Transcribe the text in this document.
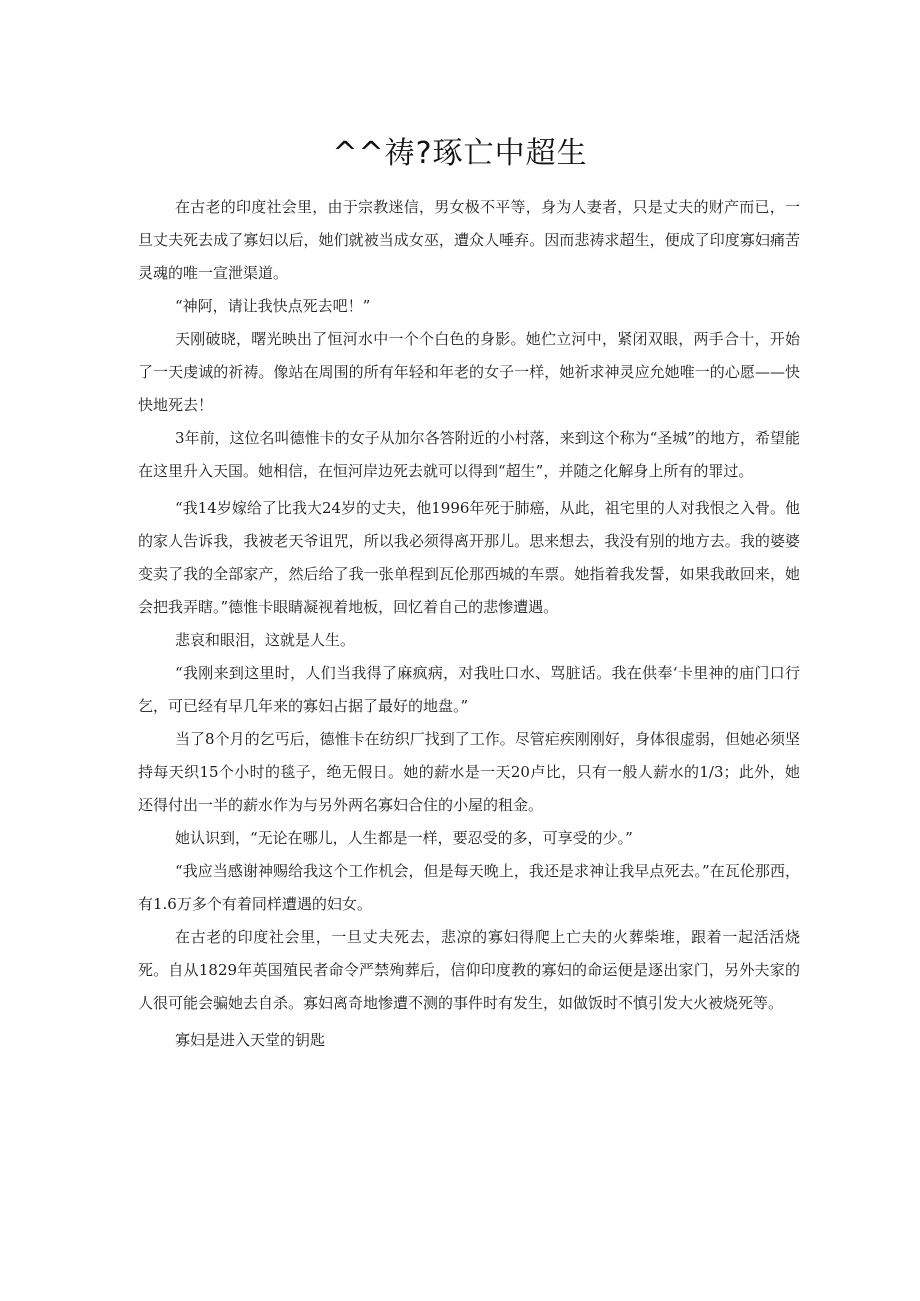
^^祷?琢亡中超生

在古老的印度社会里，由于宗教迷信，男女极不平等，身为人妻者，只是丈夫的财产而已，一旦丈夫死去成了寡妇以后，她们就被当成女巫，遭众人唾弃。因而悲祷求超生，便成了印度寡妇痛苦灵魂的唯一宣泄渠道。

“神阿，请让我快点死去吧！”

天刚破晓，曙光映出了恒河水中一个个白色的身影。她伫立河中，紧闭双眼，两手合十，开始了一天虔诚的祈祷。像站在周围的所有年轻和年老的女子一样，她祈求神灵应允她唯一的心愿——快快地死去！

3年前，这位名叫德惟卡的女子从加尔各答附近的小村落，来到这个称为“圣城”的地方，希望能在这里升入天国。她相信，在恒河岸边死去就可以得到“超生”，并随之化解身上所有的罪过。

“我14岁嫁给了比我大24岁的丈夫，他1996年死于肺癌，从此，祖宅里的人对我恨之入骨。他的家人告诉我，我被老天爷诅咒，所以我必须得离开那儿。思来想去，我没有别的地方去。我的婆婆变卖了我的全部家产，然后给了我一张单程到瓦伦那西城的车票。她指着我发誓，如果我敢回来，她会把我弄瞎。”德惟卡眼睛凝视着地板，回忆着自己的悲惨遭遇。

悲哀和眼泪，这就是人生。

“我刚来到这里时，人们当我得了麻疯病，对我吐口水、骂脏话。我在供奉‘卡里神的庙门口行乞，可已经有早几年来的寡妇占据了最好的地盘。”

当了8个月的乞丐后，德惟卡在纺织厂找到了工作。尽管疟疾刚刚好，身体很虚弱，但她必须坚持每天织15个小时的毯子，绝无假日。她的薪水是一天20卢比，只有一般人薪水的1/3；此外，她还得付出一半的薪水作为与另外两名寡妇合住的小屋的租金。

她认识到，“无论在哪儿，人生都是一样，要忍受的多，可享受的少。”

“我应当感谢神赐给我这个工作机会，但是每天晚上，我还是求神让我早点死去。”在瓦伦那西，有1.6万多个有着同样遭遇的妇女。

在古老的印度社会里，一旦丈夫死去，悲凉的寡妇得爬上亡夫的火葬柴堆，跟着一起活活烧死。自从1829年英国殖民者命令严禁殉葬后，信仰印度教的寡妇的命运便是逐出家门，另外夫家的人很可能会骗她去自杀。寡妇离奇地惨遭不测的事件时有发生，如做饭时不慎引发大火被烧死等。

寡妇是进入天堂的钥匙
